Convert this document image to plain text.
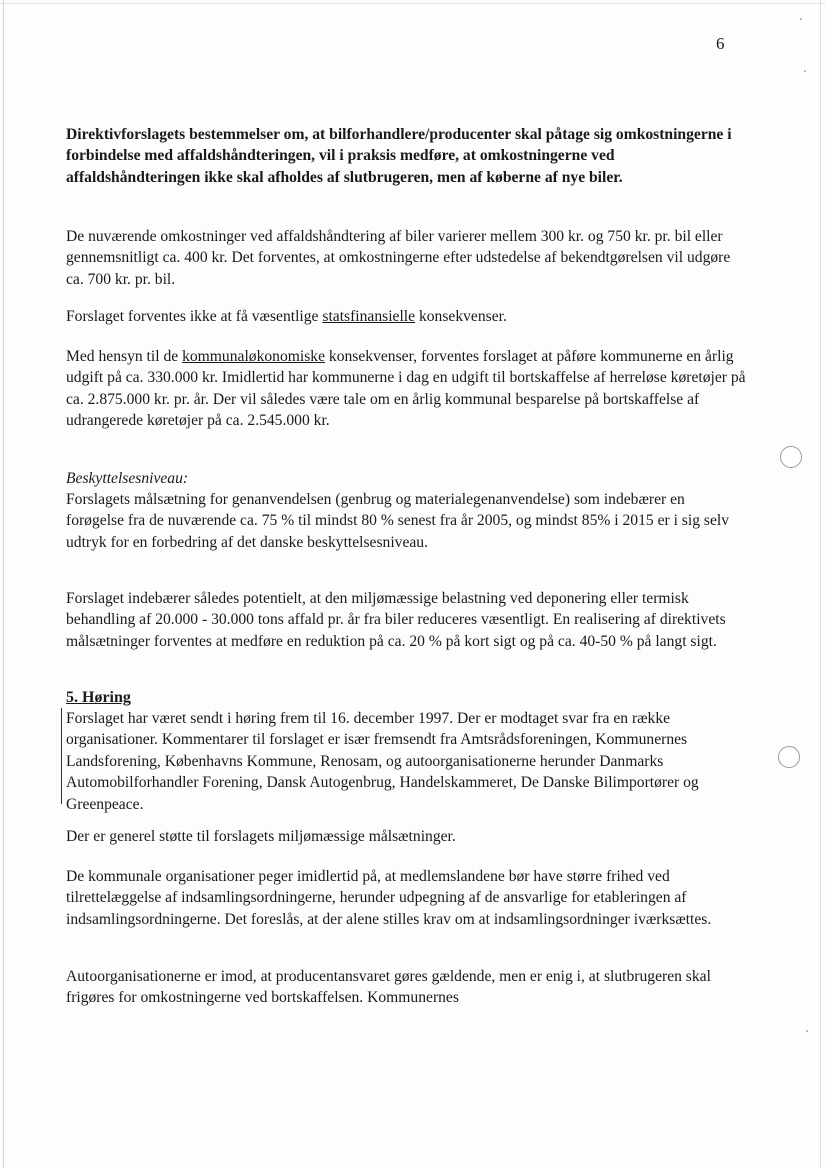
6

Direktivforslagets bestemmelser om, at bilforhandlere/producenter skal påtage sig omkostningerne i forbindelse med affaldshåndteringen, vil i praksis medføre, at omkostningerne ved affaldshåndteringen ikke skal afholdes af slutbrugeren, men af køberne af nye biler.

De nuværende omkostninger ved affaldshåndtering af biler varierer mellem 300 kr. og 750 kr. pr. bil eller gennemsnitligt ca. 400 kr. Det forventes, at omkostningerne efter udstedelse af bekendtgørelsen vil udgøre ca. 700 kr. pr. bil.

Forslaget forventes ikke at få væsentlige statsfinansielle konsekvenser.

Med hensyn til de kommunaløkonomiske konsekvenser, forventes forslaget at påføre kommunerne en årlig udgift på ca. 330.000 kr. Imidlertid har kommunerne i dag en udgift til bortskaffelse af herreløse køretøjer på ca. 2.875.000 kr. pr. år. Der vil således være tale om en årlig kommunal besparelse på bortskaffelse af udrangerede køretøjer på ca. 2.545.000 kr.

Beskyttelsesniveau:

Forslagets målsætning for genanvendelsen (genbrug og materialegenanvendelse) som indebærer en forøgelse fra de nuværende ca. 75 % til mindst 80 % senest fra år 2005, og mindst 85% i 2015 er i sig selv udtryk for en forbedring af det danske beskyttelsesniveau.

Forslaget indebærer således potentielt, at den miljømæssige belastning ved deponering eller termisk behandling af 20.000 - 30.000 tons affald pr. år fra biler reduceres væsentligt. En realisering af direktivets målsætninger forventes at medføre en reduktion på ca. 20 % på kort sigt og på ca. 40-50 % på langt sigt.

5. Høring

Forslaget har været sendt i høring frem til 16. december 1997. Der er modtaget svar fra en række organisationer. Kommentarer til forslaget er især fremsendt fra Amtsrådsforeningen, Kommunernes Landsforening, Københavns Kommune, Renosam, og autoorganisationerne herunder Danmarks Automobilforhandler Forening, Dansk Autogenbrug, Handelskammeret, De Danske Bilimportører og Greenpeace.

Der er generel støtte til forslagets miljømæssige målsætninger.

De kommunale organisationer peger imidlertid på, at medlemslandene bør have større frihed ved tilrettelæggelse af indsamlingsordningerne, herunder udpegning af de ansvarlige for etableringen af indsamlingsordningerne. Det foreslås, at der alene stilles krav om at indsamlingsordninger iværksættes.

Autoorganisationerne er imod, at producentansvaret gøres gældende, men er enig i, at slutbrugeren skal frigøres for omkostningerne ved bortskaffelsen. Kommunernes
